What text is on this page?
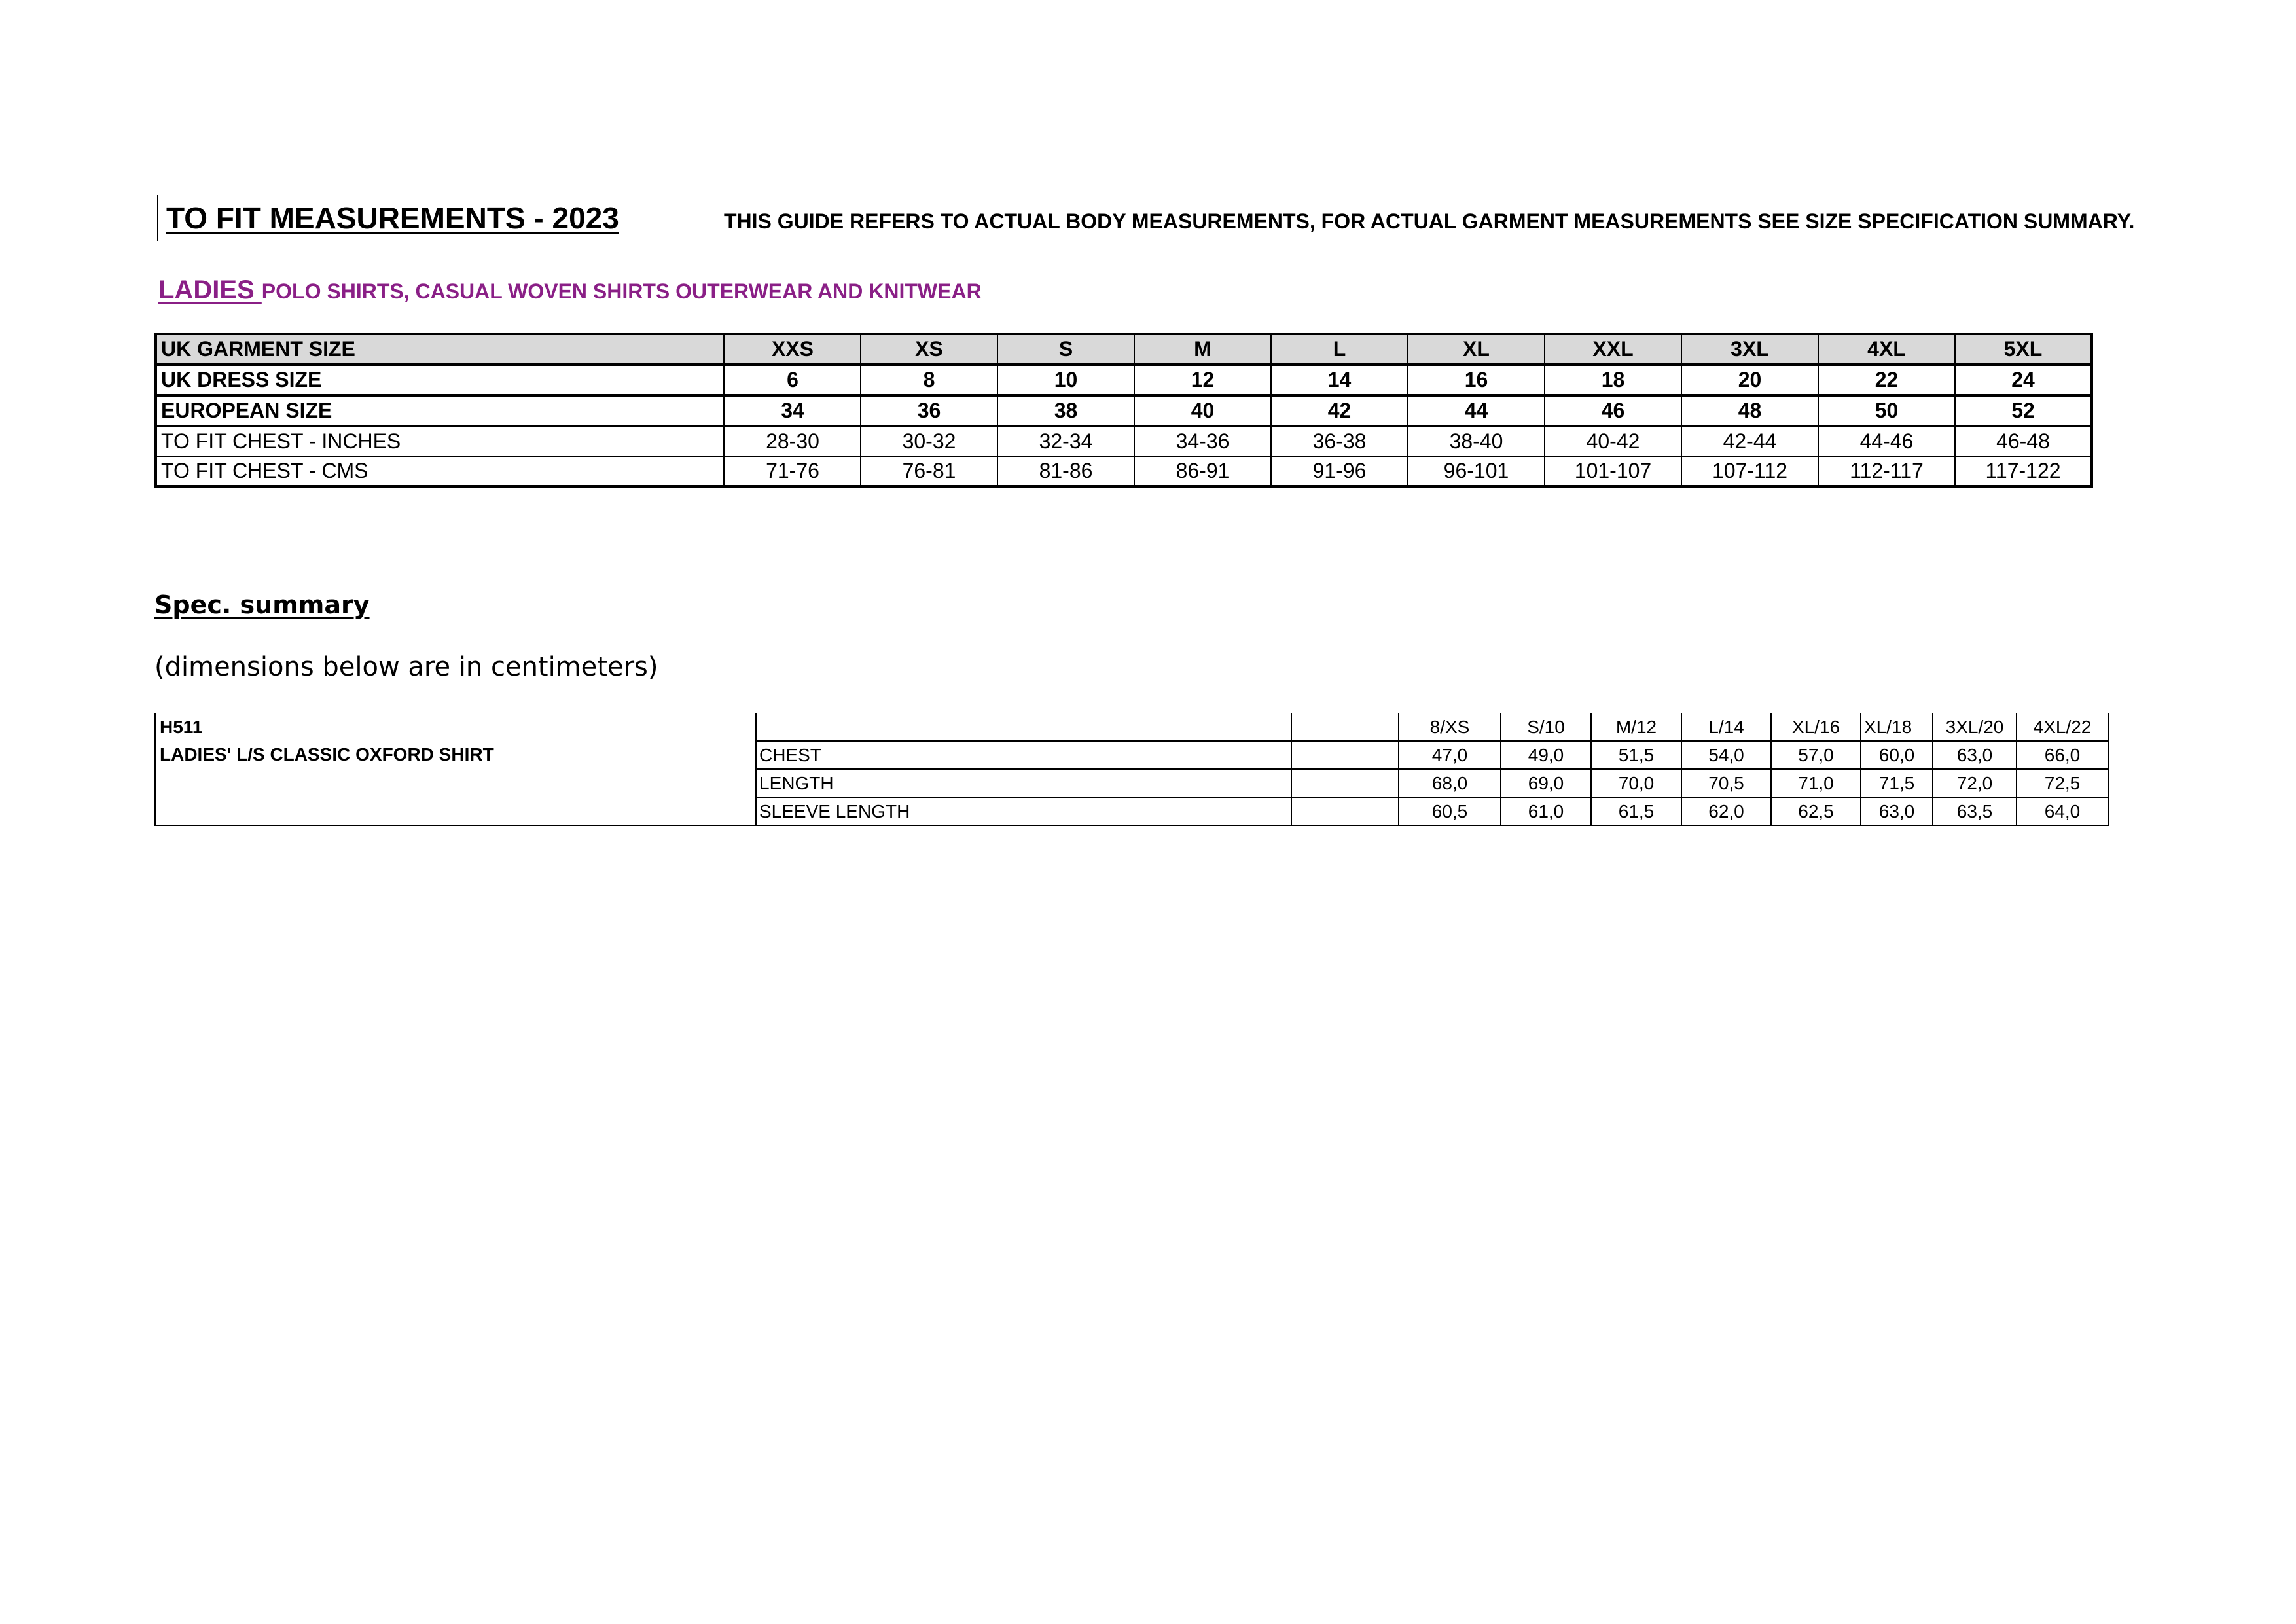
TO FIT MEASUREMENTS - 2023	THIS GUIDE REFERS TO ACTUAL BODY MEASUREMENTS, FOR ACTUAL GARMENT MEASUREMENTS SEE SIZE SPECIFICATION SUMMARY.
LADIES POLO SHIRTS, CASUAL WOVEN SHIRTS OUTERWEAR AND KNITWEAR
UK GARMENT SIZE	XXS	XS	S	M	L	XL	XXL	3XL	4XL	5XL
UK DRESS SIZE	6	8	10	12	14	16	18	20	22	24
EUROPEAN SIZE	34	36	38	40	42	44	46	48	50	52
TO FIT CHEST - INCHES	28-30	30-32	32-34	34-36	36-38	38-40	40-42	42-44	44-46	46-48
TO FIT CHEST - CMS	71-76	76-81	81-86	86-91	91-96	96-101	101-107	107-112	112-117	117-122
Spec. summary
(dimensions below are in centimeters)
H511			8/XS	S/10	M/12	L/14	XL/16	XL/18	3XL/20	4XL/22
LADIES' L/S CLASSIC OXFORD SHIRT	CHEST		47,0	49,0	51,5	54,0	57,0	60,0	63,0	66,0
	LENGTH		68,0	69,0	70,0	70,5	71,0	71,5	72,0	72,5
	SLEEVE LENGTH		60,5	61,0	61,5	62,0	62,5	63,0	63,5	64,0
